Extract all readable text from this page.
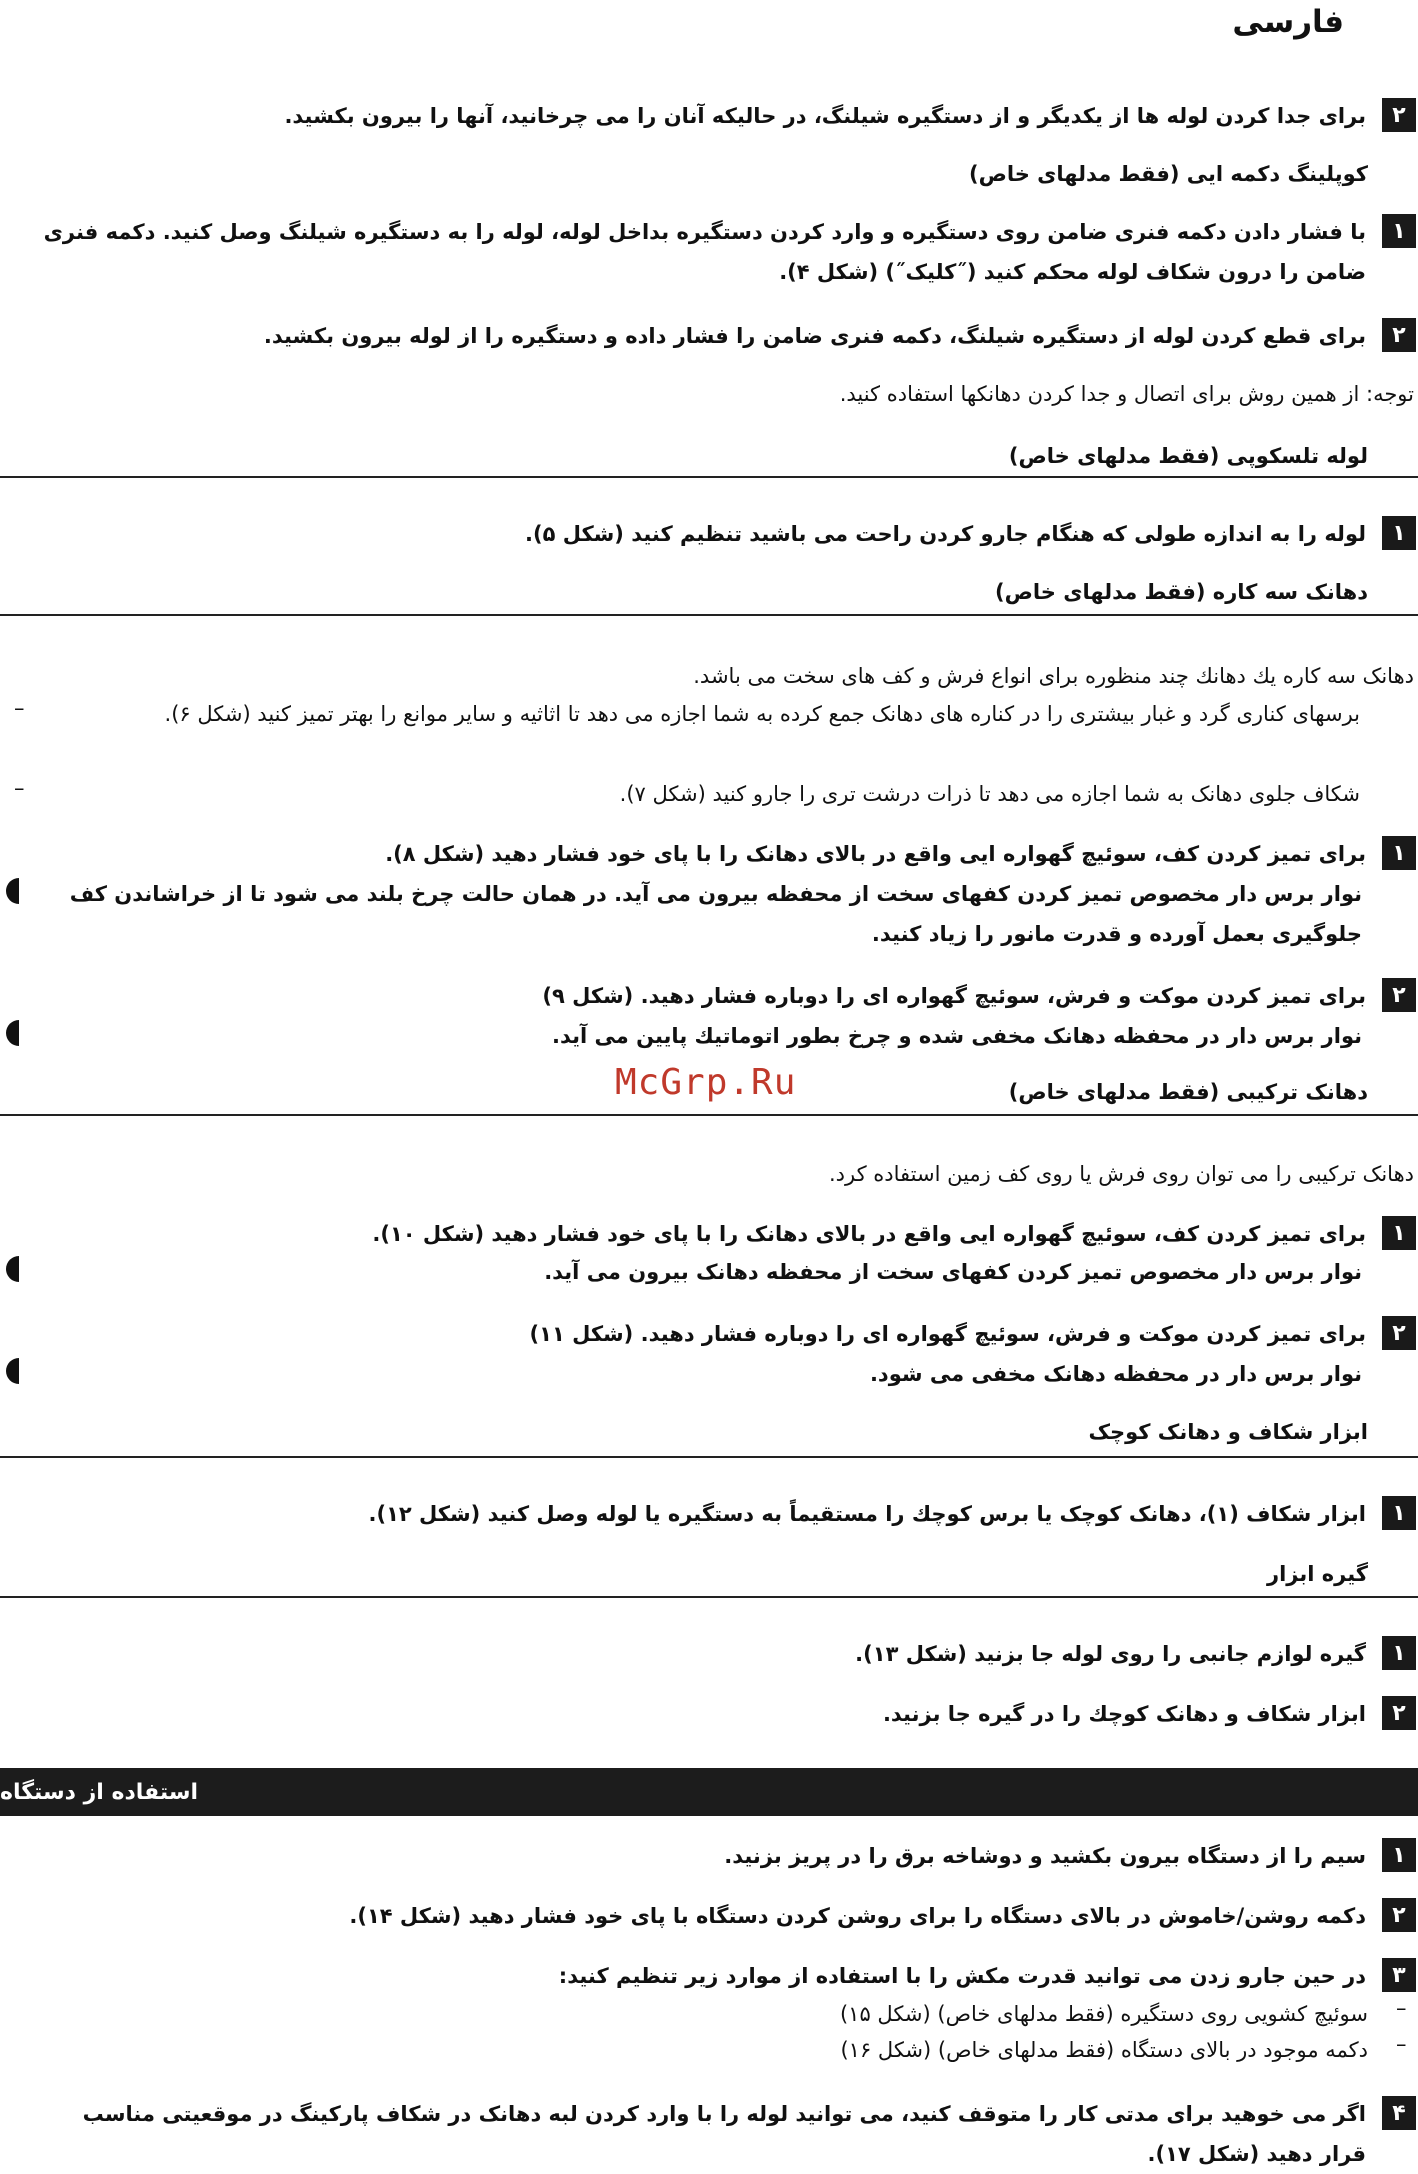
فارسی
۲
برای جدا کردن لوله ها از یکدیگر و از دستگیره شیلنگ، در حالیکه آنان را می چرخانید، آنها را بیرون بکشید.
کوپلینگ دکمه ایی (فقط مدلهای خاص)
۱
با فشار دادن دکمه فنری ضامن روی دستگیره و وارد کردن دستگیره بداخل لوله، لوله را به دستگیره شیلنگ وصل کنید. دکمه فنری ضامن را درون شکاف لوله محکم کنید (˝کلیک˝) (شکل ۴).
۲
برای قطع کردن لوله از دستگیره شیلنگ، دکمه فنری ضامن را فشار داده و دستگیره را از لوله بیرون بکشید.
توجه: از همین روش برای اتصال و جدا کردن دهانکها استفاده کنید.
لوله تلسکوپی (فقط مدلهای خاص)
۱
لوله را به اندازه طولی که هنگام جارو کردن راحت می باشید تنظیم کنید (شکل ۵).
دهانک سه کاره (فقط مدلهای خاص)
دهانک سه کاره یك دهانك چند منظوره برای انواع فرش و کف های سخت می باشد.
–	برسهای کناری گرد و غبار بیشتری را در کناره های دهانک جمع کرده به شما اجازه می دهد تا اثاثیه و سایر موانع را بهتر تمیز کنید (شکل ۶).
–	شکاف جلوی دهانک به شما اجازه می دهد تا ذرات درشت تری را جارو کنید (شکل ۷).
۱
برای تمیز کردن کف، سوئیچ گهواره ایی واقع در بالای دهانک را با پای خود فشار دهید (شکل ۸).
نوار برس دار مخصوص تمیز کردن کفهای سخت از محفظه بیرون می آید. در همان حالت چرخ بلند می شود تا از خراشاندن کف جلوگیری بعمل آورده و قدرت مانور را زیاد کنید.
۲
برای تمیز کردن موکت و فرش، سوئیچ گهواره ای را دوباره فشار دهید. (شکل ۹)
نوار برس دار در محفظه دهانک مخفی شده و چرخ بطور اتوماتیك پایین می آید.
McGrp.Ru	دهانک ترکیبی (فقط مدلهای خاص)
دهانک ترکیبی را می توان روی فرش یا روی کف زمین استفاده کرد.
۱
برای تمیز کردن کف، سوئیچ گهواره ایی واقع در بالای دهانک را با پای خود فشار دهید (شکل ۱۰).
نوار برس دار مخصوص تمیز کردن کفهای سخت از محفظه دهانک بیرون می آید.
۲
برای تمیز کردن موکت و فرش، سوئیچ گهواره ای را دوباره فشار دهید. (شکل ۱۱)
نوار برس دار در محفظه دهانک مخفی می شود.
ابزار شکاف و دهانک کوچک
۱
ابزار شکاف (۱)، دهانک کوچک یا برس کوچك را مستقیماً به دستگیره یا لوله وصل کنید (شکل ۱۲).
گیره ابزار
۱
گیره لوازم جانبی را روی لوله جا بزنید (شکل ۱۳).
۲
ابزار شکاف و دهانک کوچك را در گیره جا بزنید.
استفاده از دستگاه
۱
سیم را از دستگاه بیرون بکشید و دوشاخه برق را در پریز بزنید.
۲
دکمه روشن/خاموش در بالای دستگاه را برای روشن کردن دستگاه با پای خود فشار دهید (شکل ۱۴).
۳
در حین جارو زدن می توانید قدرت مکش را با استفاده از موارد زیر تنظیم کنید:
–
سوئیچ کشویی روی دستگیره (فقط مدلهای خاص) (شکل ۱۵)
–
دکمه موجود در بالای دستگاه (فقط مدلهای خاص) (شکل ۱۶)
۴
اگر می خوهید برای مدتی کار را متوقف کنید، می توانید لوله را با وارد کردن لبه دهانک در شکاف پارکینگ در موقعیتی مناسب قرار دهید (شکل ۱۷).
